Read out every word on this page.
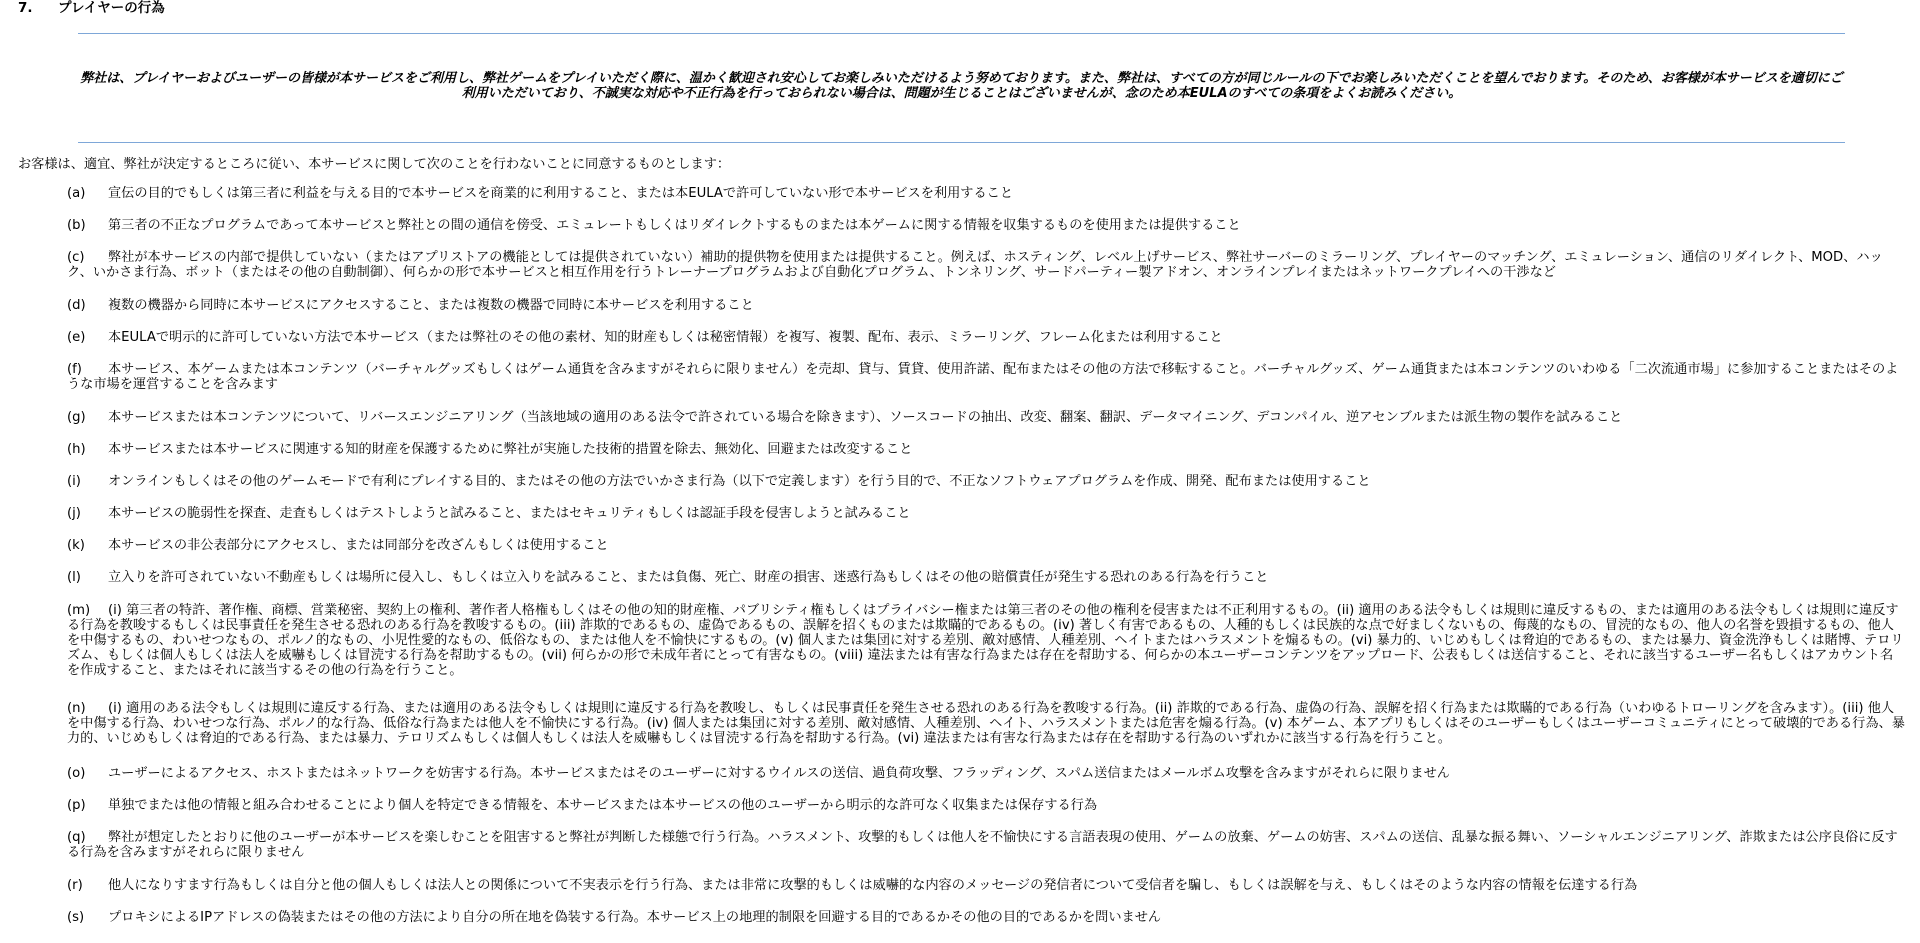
7. プレイヤーの行為
弊社は、プレイヤーおよびユーザーの皆様が本サービスをご利用し、弊社ゲームをプレイいただく際に、温かく歓迎され安心してお楽しみいただけるよう努めております。また、弊社は、すべての方が同じルールの下でお楽しみいただくことを望んでおります。そのため、お客様が本サービスを適切にご利用いただいており、不誠実な対応や不正行為を行っておられない場合は、問題が生じることはございませんが、念のため本EULAのすべての条項をよくお読みください。
お客様は、適宜、弊社が決定するところに従い、本サービスに関して次のことを行わないことに同意するものとします：
(a) 宣伝の目的でもしくは第三者に利益を与える目的で本サービスを商業的に利用すること、または本EULAで許可していない形で本サービスを利用すること
(b) 第三者の不正なプログラムであって本サービスと弊社との間の通信を傍受、エミュレートもしくはリダイレクトするものまたは本ゲームに関する情報を収集するものを使用または提供すること
(c) 弊社が本サービスの内部で提供していない（またはアプリストアの機能としては提供されていない）補助的提供物を使用または提供すること。例えば、ホスティング、レベル上げサービス、弊社サーバーのミラーリング、プレイヤーのマッチング、エミュレーション、通信のリダイレクト、MOD、ハック、いかさま行為、ボット（またはその他の自動制御）、何らかの形で本サービスと相互作用を行うトレーナープログラムおよび自動化プログラム、トンネリング、サードパーティー製アドオン、オンラインプレイまたはネットワークプレイへの干渉など
(d) 複数の機器から同時に本サービスにアクセスすること、または複数の機器で同時に本サービスを利用すること
(e) 本EULAで明示的に許可していない方法で本サービス（または弊社のその他の素材、知的財産もしくは秘密情報）を複写、複製、配布、表示、ミラーリング、フレーム化または利用すること
(f) 本サービス、本ゲームまたは本コンテンツ（バーチャルグッズもしくはゲーム通貨を含みますがそれらに限りません）を売却、貸与、賃貸、使用許諾、配布またはその他の方法で移転すること。バーチャルグッズ、ゲーム通貨または本コンテンツのいわゆる「二次流通市場」に参加することまたはそのような市場を運営することを含みます
(g) 本サービスまたは本コンテンツについて、リバースエンジニアリング（当該地域の適用のある法令で許されている場合を除きます）、ソースコードの抽出、改変、翻案、翻訳、データマイニング、デコンパイル、逆アセンブルまたは派生物の製作を試みること
(h) 本サービスまたは本サービスに関連する知的財産を保護するために弊社が実施した技術的措置を除去、無効化、回避または改変すること
(i) オンラインもしくはその他のゲームモードで有利にプレイする目的、またはその他の方法でいかさま行為（以下で定義します）を行う目的で、不正なソフトウェアプログラムを作成、開発、配布または使用すること
(j) 本サービスの脆弱性を探査、走査もしくはテストしようと試みること、またはセキュリティもしくは認証手段を侵害しようと試みること
(k) 本サービスの非公表部分にアクセスし、または同部分を改ざんもしくは使用すること
(l) 立入りを許可されていない不動産もしくは場所に侵入し、もしくは立入りを試みること、または負傷、死亡、財産の損害、迷惑行為もしくはその他の賠償責任が発生する恐れのある行為を行うこと
(m) (i) 第三者の特許、著作権、商標、営業秘密、契約上の権利、著作者人格権もしくはその他の知的財産権、パブリシティ権もしくはプライバシー権または第三者のその他の権利を侵害または不正利用するもの。(ii) 適用のある法令もしくは規則に違反するもの、または適用のある法令もしくは規則に違反する行為を教唆するもしくは民事責任を発生させる恐れのある行為を教唆するもの。(iii) 詐欺的であるもの、虚偽であるもの、誤解を招くものまたは欺瞞的であるもの。(iv) 著しく有害であるもの、人種的もしくは民族的な点で好ましくないもの、侮蔑的なもの、冒涜的なもの、他人の名誉を毀損するもの、他人を中傷するもの、わいせつなもの、ポルノ的なもの、小児性愛的なもの、低俗なもの、または他人を不愉快にするもの。(v) 個人または集団に対する差別、敵対感情、人種差別、ヘイトまたはハラスメントを煽るもの。(vi) 暴力的、いじめもしくは脅迫的であるもの、または暴力、資金洗浄もしくは賭博、テロリズム、もしくは個人もしくは法人を威嚇もしくは冒涜する行為を幇助するもの。(vii) 何らかの形で未成年者にとって有害なもの。(viii) 違法または有害な行為または存在を幇助する、何らかの本ユーザーコンテンツをアップロード、公表もしくは送信すること、それに該当するユーザー名もしくはアカウント名を作成すること、またはそれに該当するその他の行為を行うこと。
(n) (i) 適用のある法令もしくは規則に違反する行為、または適用のある法令もしくは規則に違反する行為を教唆し、もしくは民事責任を発生させる恐れのある行為を教唆する行為。(ii) 詐欺的である行為、虚偽の行為、誤解を招く行為または欺瞞的である行為（いわゆるトローリングを含みます）。(iii) 他人を中傷する行為、わいせつな行為、ポルノ的な行為、低俗な行為または他人を不愉快にする行為。(iv) 個人または集団に対する差別、敵対感情、人種差別、ヘイト、ハラスメントまたは危害を煽る行為。(v) 本ゲーム、本アプリもしくはそのユーザーもしくはユーザーコミュニティにとって破壊的である行為、暴力的、いじめもしくは脅迫的である行為、または暴力、テロリズムもしくは個人もしくは法人を威嚇もしくは冒涜する行為を幇助する行為。(vi) 違法または有害な行為または存在を幇助する行為のいずれかに該当する行為を行うこと。
(o) ユーザーによるアクセス、ホストまたはネットワークを妨害する行為。本サービスまたはそのユーザーに対するウイルスの送信、過負荷攻撃、フラッディング、スパム送信またはメールボム攻撃を含みますがそれらに限りません
(p) 単独でまたは他の情報と組み合わせることにより個人を特定できる情報を、本サービスまたは本サービスの他のユーザーから明示的な許可なく収集または保存する行為
(q) 弊社が想定したとおりに他のユーザーが本サービスを楽しむことを阻害すると弊社が判断した様態で行う行為。ハラスメント、攻撃的もしくは他人を不愉快にする言語表現の使用、ゲームの放棄、ゲームの妨害、スパムの送信、乱暴な振る舞い、ソーシャルエンジニアリング、詐欺または公序良俗に反する行為を含みますがそれらに限りません
(r) 他人になりすます行為もしくは自分と他の個人もしくは法人との関係について不実表示を行う行為、または非常に攻撃的もしくは威嚇的な内容のメッセージの発信者について受信者を騙し、もしくは誤解を与え、もしくはそのような内容の情報を伝達する行為
(s) プロキシによるIPアドレスの偽装またはその他の方法により自分の所在地を偽装する行為。本サービス上の地理的制限を回避する目的であるかその他の目的であるかを問いません
